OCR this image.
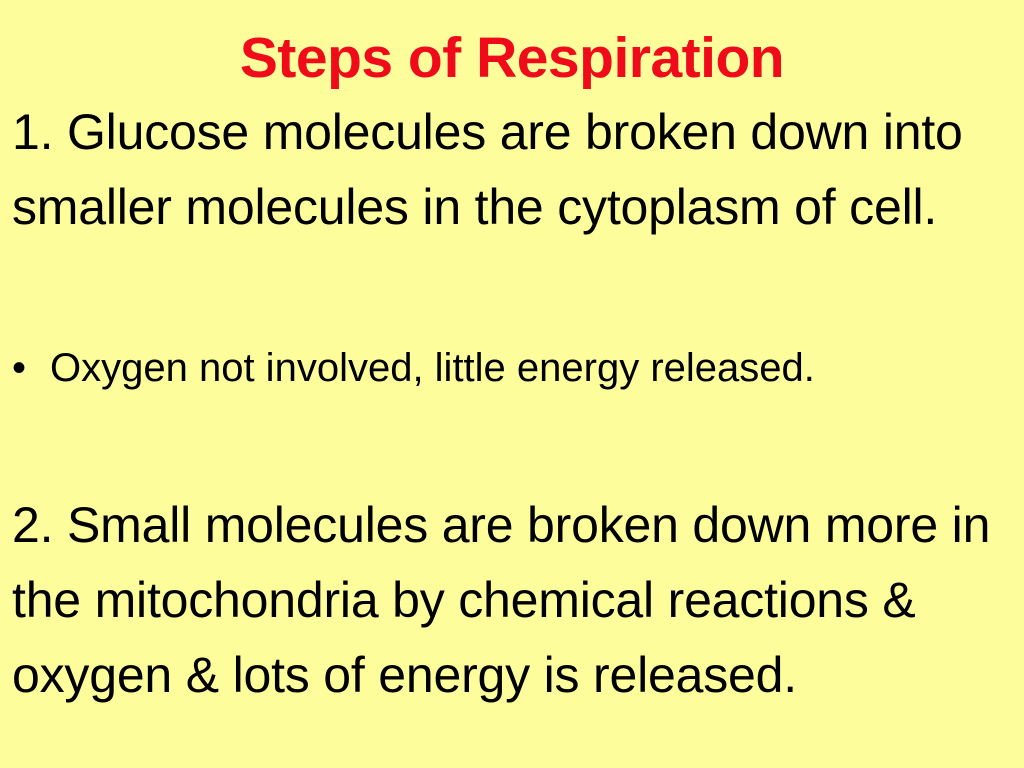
Steps of Respiration
1. Glucose molecules are broken down into smaller molecules in the cytoplasm of cell.
• Oxygen not involved, little energy released.
2. Small molecules are broken down more in the mitochondria by chemical reactions & oxygen & lots of energy is released.
